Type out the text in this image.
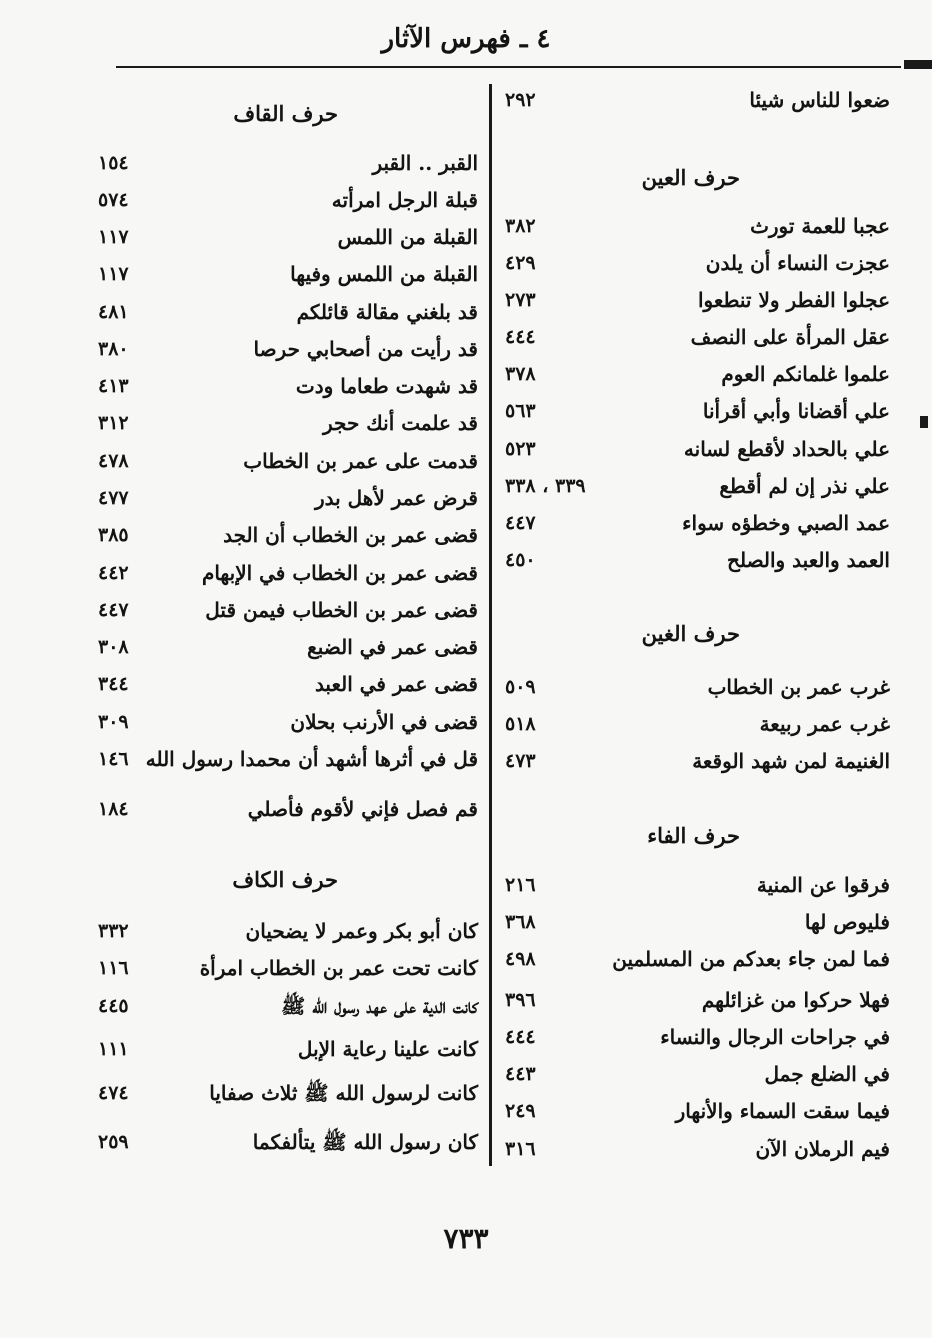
٤ ـ فهرس الآثار
ضعوا للناس شيئا
٢٩٢
حرف العين
عجبا للعمة تورث
٣٨٢
عجزت النساء أن يلدن
٤٢٩
عجلوا الفطر ولا تنطعوا
٢٧٣
عقل المرأة على النصف
٤٤٤
علموا غلمانكم العوم
٣٧٨
علي أقضانا وأبي أقرأنا
٥٦٣
علي بالحداد لأقطع لسانه
٥٢٣
علي نذر إن لم أقطع
٣٣٩ ، ٣٣٨
عمد الصبي وخطؤه سواء
٤٤٧
العمد والعبد والصلح
٤٥٠
حرف الغين
غرب عمر بن الخطاب
٥٠٩
غرب عمر ربيعة
٥١٨
الغنيمة لمن شهد الوقعة
٤٧٣
حرف الفاء
فرقوا عن المنية
٢١٦
فليوص لها
٣٦٨
فما لمن جاء بعدكم من المسلمين
٤٩٨
فهلا حركوا من غزائلهم
٣٩٦
في جراحات الرجال والنساء
٤٤٤
في الضلع جمل
٤٤٣
فيما سقت السماء والأنهار
٢٤٩
فيم الرملان الآن
٣١٦
حرف القاف
القبر .. القبر
١٥٤
قبلة الرجل امرأته
٥٧٤
القبلة من اللمس
١١٧
القبلة من اللمس وفيها
١١٧
قد بلغني مقالة قائلكم
٤٨١
قد رأيت من أصحابي حرصا
٣٨٠
قد شهدت طعاما ودت
٤١٣
قد علمت أنك حجر
٣١٢
قدمت على عمر بن الخطاب
٤٧٨
قرض عمر لأهل بدر
٤٧٧
قضى عمر بن الخطاب أن الجد
٣٨٥
قضى عمر بن الخطاب في الإبهام
٤٤٢
قضى عمر بن الخطاب فيمن قتل
٤٤٧
قضى عمر في الضبع
٣٠٨
قضى عمر في العبد
٣٤٤
قضى في الأرنب بحلان
٣٠٩
قل في أثرها أشهد أن محمدا رسول الله
١٤٦
قم فصل فإني لأقوم فأصلي
١٨٤
حرف الكاف
كان أبو بكر وعمر لا يضحيان
٣٣٢
كانت تحت عمر بن الخطاب امرأة
١١٦
كانت الدية على عهد رسول الله ﷺ
٤٤٥
كانت علينا رعاية الإبل
١١١
كانت لرسول الله ﷺ ثلاث صفايا
٤٧٤
كان رسول الله ﷺ يتألفكما
٢٥٩
٧٣٣
